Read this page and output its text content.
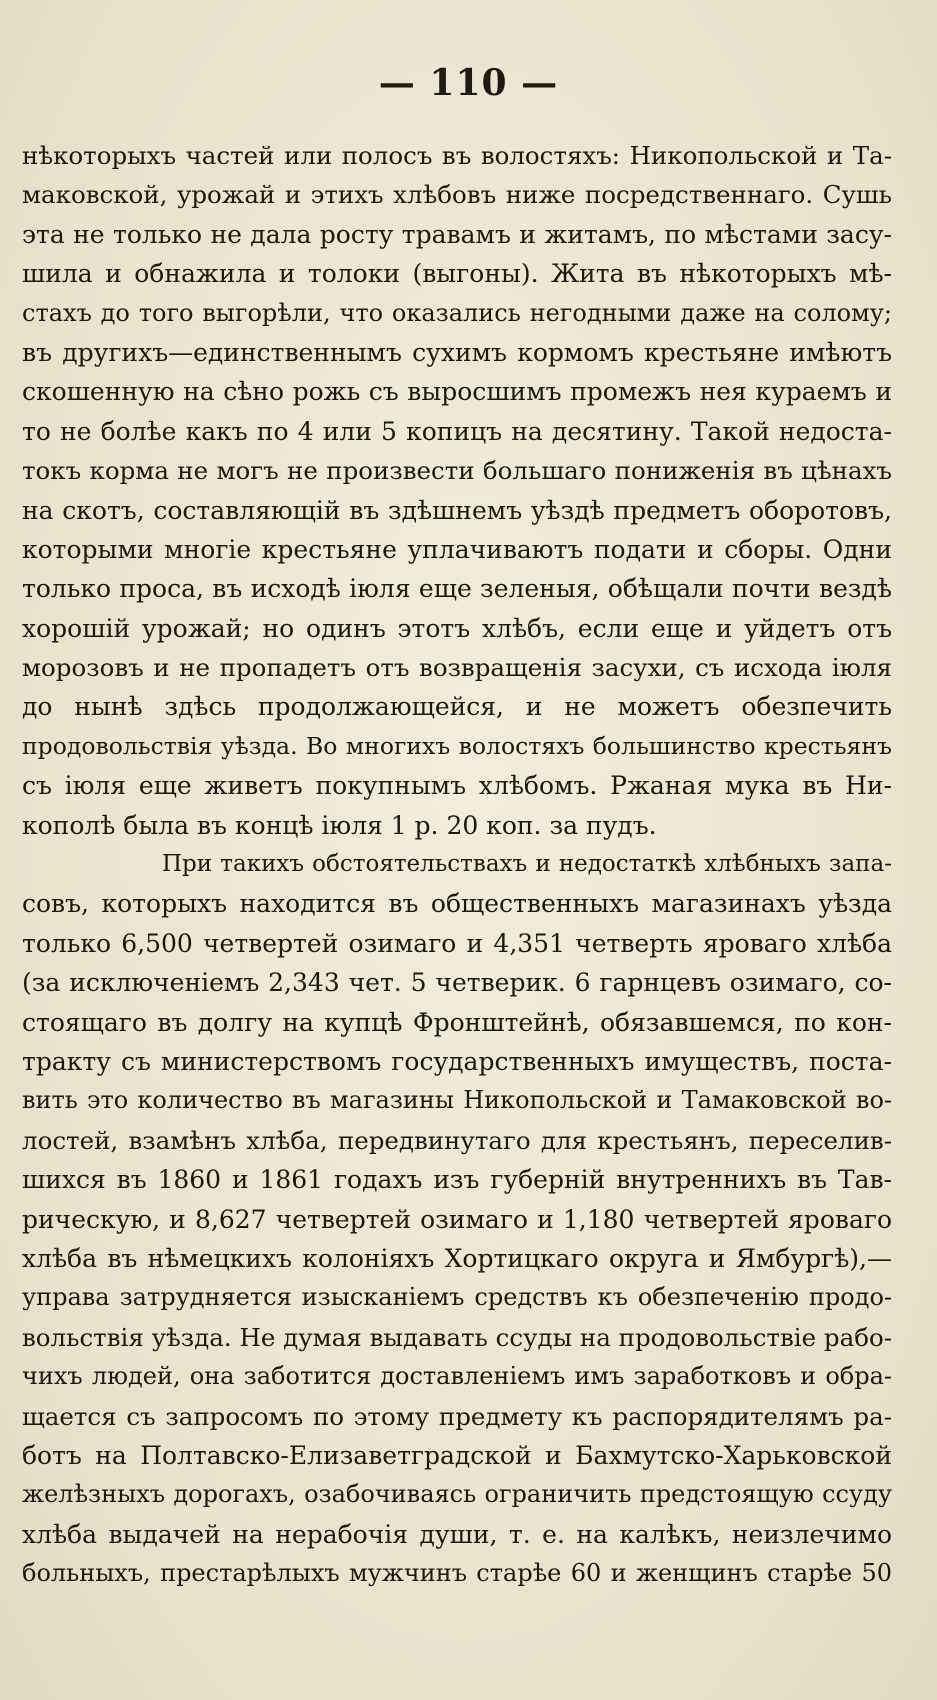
— 110 —
нѣкоторыхъ частей или полосъ въ волостяхъ: Никопольской и Та-
маковской, урожай и этихъ хлѣбовъ ниже посредственнаго. Сушь
эта не только не дала росту травамъ и житамъ, по мѣстами засу-
шила и обнажила и толоки (выгоны). Жита въ нѣкоторыхъ мѣ-
стахъ до того выгорѣли, что оказались негодными даже на солому;
въ другихъ—единственнымъ сухимъ кормомъ крестьяне имѣютъ
скошенную на сѣно рожь съ выросшимъ промежъ нея кураемъ и
то не болѣе какъ по 4 или 5 копицъ на десятину. Такой недоста-
токъ корма не могъ не произвести большаго пониженія въ цѣнахъ
на скотъ, составляющій въ здѣшнемъ уѣздѣ предметъ оборотовъ,
которыми многіе крестьяне уплачиваютъ подати и сборы. Одни
только проса, въ исходѣ іюля еще зеленыя, обѣщали почти вездѣ
хорошій урожай; но одинъ этотъ хлѣбъ, если еще и уйдетъ отъ
морозовъ и не пропадетъ отъ возвращенія засухи, съ исхода іюля
до нынѣ здѣсь продолжающейся, и не можетъ обезпечить
продовольствія уѣзда. Во многихъ волостяхъ большинство крестьянъ
съ іюля еще живетъ покупнымъ хлѣбомъ. Ржаная мука въ Ни-
кополѣ была въ концѣ іюля 1 р. 20 коп. за пудъ.
При такихъ обстоятельствахъ и недостаткѣ хлѣбныхъ запа-
совъ, которыхъ находится въ общественныхъ магазинахъ уѣзда
только 6,500 четвертей озимаго и 4,351 четверть яроваго хлѣба
(за исключеніемъ 2,343 чет. 5 четверик. 6 гарнцевъ озимаго, со-
стоящаго въ долгу на купцѣ Фронштейнѣ, обязавшемся, по кон-
тракту съ министерствомъ государственныхъ имуществъ, поста-
вить это количество въ магазины Никопольской и Тамаковской во-
лостей, взамѣнъ хлѣба, передвинутаго для крестьянъ, переселив-
шихся въ 1860 и 1861 годахъ изъ губерній внутреннихъ въ Тав-
рическую, и 8,627 четвертей озимаго и 1,180 четвертей яроваго
хлѣба въ нѣмецкихъ колоніяхъ Хортицкаго округа и Ямбургѣ),—
управа затрудняется изысканіемъ средствъ къ обезпеченію продо-
вольствія уѣзда. Не думая выдавать ссуды на продовольствіе рабо-
чихъ людей, она заботится доставленіемъ имъ заработковъ и обра-
щается съ запросомъ по этому предмету къ распорядителямъ ра-
ботъ на Полтавско-Елизаветградской и Бахмутско-Харьковской
желѣзныхъ дорогахъ, озабочиваясь ограничить предстоящую ссуду
хлѣба выдачей на нерабочія души, т. е. на калѣкъ, неизлечимо
больныхъ, престарѣлыхъ мужчинъ старѣе 60 и женщинъ старѣе 50
